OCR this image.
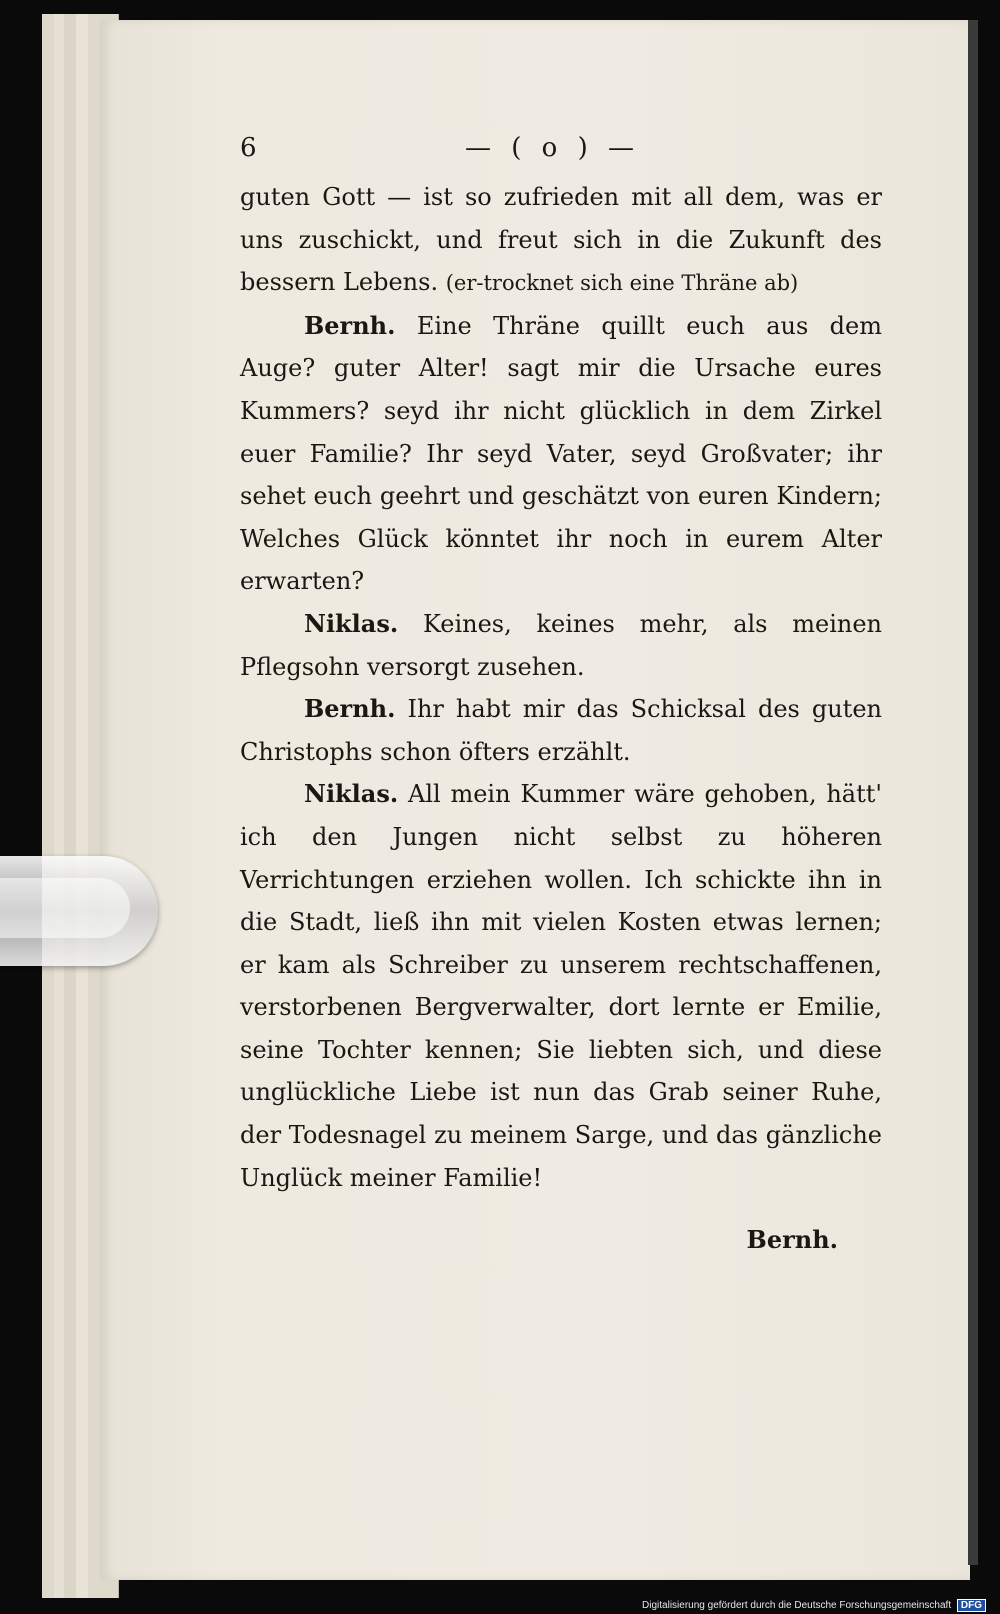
6	— ( o ) —

guten Gott — ist so zufrieden mit all dem, was er uns zuschickt, und freut sich in die Zukunft des bessern Lebens. (er-trocknet sich eine Thräne ab)

Bernh. Eine Thräne quillt euch aus dem Auge? guter Alter! sagt mir die Ursache eures Kummers? seyd ihr nicht glücklich in dem Zirkel euer Familie? Ihr seyd Vater, seyd Großvater; ihr sehet euch geehrt und geschätzt von euren Kindern; Welches Glück könntet ihr noch in eurem Alter erwarten?

Niklas. Keines, keines mehr, als meinen Pflegsohn versorgt zusehen.

Bernh. Ihr habt mir das Schicksal des guten Christophs schon öfters erzählt.

Niklas. All mein Kummer wäre gehoben, hätt' ich den Jungen nicht selbst zu höheren Verrichtungen erziehen wollen. Ich schickte ihn in die Stadt, ließ ihn mit vielen Kosten etwas lernen; er kam als Schreiber zu unserem rechtschaffenen, verstorbenen Bergverwalter, dort lernte er Emilie, seine Tochter kennen; Sie liebten sich, und diese unglückliche Liebe ist nun das Grab seiner Ruhe, der Todesnagel zu meinem Sarge, und das gänzliche Unglück meiner Familie!

Bernh.
Digitalisierung gefördert durch die Deutsche Forschungsgemeinschaft DFG
